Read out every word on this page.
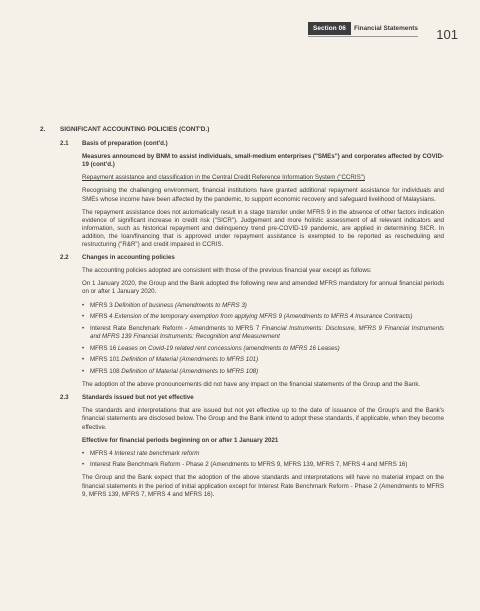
Section 06	Financial Statements 101
2.	SIGNIFICANT ACCOUNTING POLICIES (CONT'D.)
2.1	Basis of preparation (cont'd.)

Measures announced by BNM to assist individuals, small-medium enterprises ("SMEs") and corporates affected by COVID-19 (cont'd.)

Repayment assistance and classification in the Central Credit Reference Information System ("CCRIS")

Recognising the challenging environment, financial institutions have granted additional repayment assistance for individuals and SMEs whose income have been affected by the pandemic, to support economic recovery and safeguard livelihood of Malaysians.

The repayment assistance does not automatically result in a stage transfer under MFRS 9 in the absence of other factors indication evidence of significant increase in credit risk ("SICR"). Judgement and more holistic assessment of all relevant indicators and information, such as historical repayment and delinquency trend pre-COVID-19 pandemic, are applied in determining SICR. In addition, the loan/financing that is approved under repayment assistance is exempted to be reported as rescheduling and restructuring ("R&R") and credit impaired in CCRIS.

2.2	Changes in accounting policies

The accounting policies adopted are consistent with those of the previous financial year except as follows:

On 1 January 2020, the Group and the Bank adopted the following new and amended MFRS mandatory for annual financial periods on or after 1 January 2020.

• MFRS 3 Definition of business (Amendments to MFRS 3)
• MFRS 4 Extension of the temporary exemption from applying MFRS 9 (Amendments to MFRS 4 Insurance Contracts)
• Interest Rate Benchmark Reform - Amendments to MFRS 7 Financial Instruments: Disclosure, MFRS 9 Financial Instruments and MFRS 139 Financial Instruments: Recognition and Measurement
• MFRS 16 Leases on Covid-19 related rent concessions (amendments to MFRS 16 Leases)
• MFRS 101 Definition of Material (Amendments to MFRS 101)
• MFRS 108 Definition of Material (Amendments to MFRS 108)

The adoption of the above pronouncements did not have any impact on the financial statements of the Group and the Bank.

2.3	Standards issued but not yet effective

The standards and interpretations that are issued but not yet effective up to the date of issuance of the Group's and the Bank's financial statements are disclosed below. The Group and the Bank intend to adopt these standards, if applicable, when they become effective.

Effective for financial periods beginning on or after 1 January 2021

• MFRS 4 Interest rate benchmark reform
• Interest Rate Benchmark Reform - Phase 2 (Amendments to MFRS 9, MFRS 139, MFRS 7, MFRS 4 and MFRS 16)

The Group and the Bank expect that the adoption of the above standards and interpretations will have no material impact on the financial statements in the period of initial application except for Interest Rate Benchmark Reform - Phase 2 (Amendments to MFRS 9, MFRS 139, MFRS 7, MFRS 4 and MFRS 16).
